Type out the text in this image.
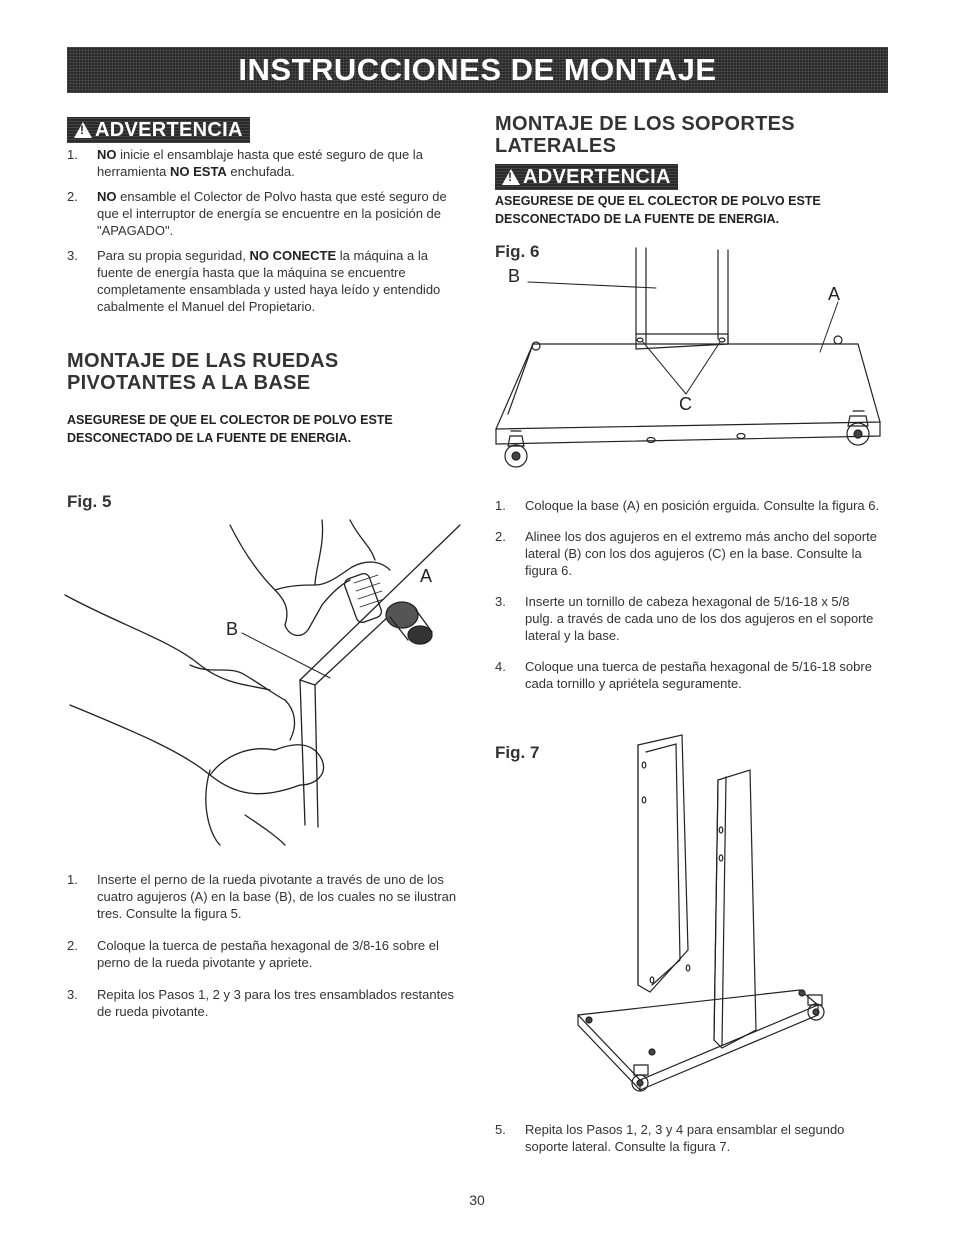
INSTRUCCIONES DE MONTAJE
!
ADVERTENCIA
1.	NO inicie el ensamblaje hasta que esté seguro de que la herramienta NO ESTA enchufada.
2.	NO ensamble el Colector de Polvo hasta que esté seguro de que el interruptor de energía se encuentre en la posición de "APAGADO".
3.	Para su propia seguridad, NO CONECTE la máquina a la fuente de energía hasta que la máquina se encuentre completamente ensamblada y usted haya leído y entendido cabalmente el Manuel del Propietario.
MONTAJE DE LAS RUEDAS
PIVOTANTES A LA BASE
ASEGURESE DE QUE EL COLECTOR DE POLVO ESTE
DESCONECTADO DE LA FUENTE DE ENERGIA.
Fig. 5
A
B
1.	Inserte el perno de la rueda pivotante a través de uno de los cuatro agujeros (A) en la base (B), de los cuales no se ilustran tres. Consulte la figura 5.
2.	Coloque la tuerca de pestaña hexagonal de 3/8-16 sobre el perno de la rueda pivotante y apriete.
3.	Repita los Pasos 1, 2 y 3 para los tres ensamblados restantes de rueda pivotante.
MONTAJE DE LOS SOPORTES
LATERALES
!
ADVERTENCIA
ASEGURESE DE QUE EL COLECTOR DE POLVO ESTE
DESCONECTADO DE LA FUENTE DE ENERGIA.
Fig. 6
B
A
C
1.	Coloque la base (A) en posición erguida. Consulte la figura 6.
2.	Alinee los dos agujeros en el extremo más ancho del soporte lateral (B) con los dos agujeros (C) en la base. Consulte la figura 6.
3.	Inserte un tornillo de cabeza hexagonal de 5/16-18 x 5/8 pulg. a través de cada uno de los dos agujeros en el soporte lateral y la base.
4.	Coloque una tuerca de pestaña hexagonal de 5/16-18 sobre cada tornillo y apriétela seguramente.
Fig. 7
5.	Repita los Pasos 1, 2, 3 y 4 para ensamblar el segundo soporte lateral. Consulte la figura 7.
30
